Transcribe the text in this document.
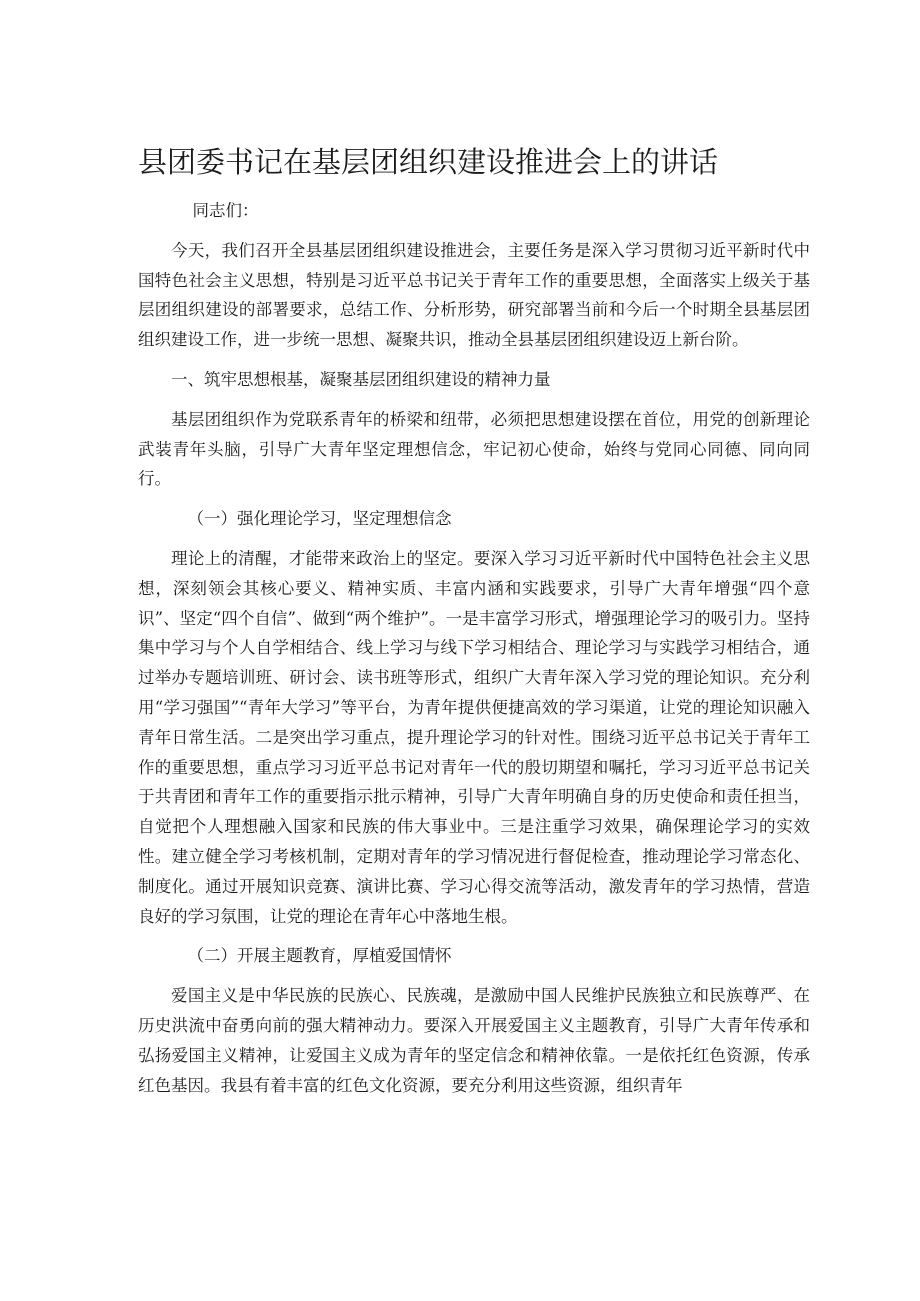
县团委书记在基层团组织建设推进会上的讲话

同志们：

今天，我们召开全县基层团组织建设推进会，主要任务是深入学习贯彻习近平新时代中国特色社会主义思想，特别是习近平总书记关于青年工作的重要思想，全面落实上级关于基层团组织建设的部署要求，总结工作、分析形势，研究部署当前和今后一个时期全县基层团组织建设工作，进一步统一思想、凝聚共识，推动全县基层团组织建设迈上新台阶。

一、筑牢思想根基，凝聚基层团组织建设的精神力量

基层团组织作为党联系青年的桥梁和纽带，必须把思想建设摆在首位，用党的创新理论武装青年头脑，引导广大青年坚定理想信念，牢记初心使命，始终与党同心同德、同向同行。

（一）强化理论学习，坚定理想信念

理论上的清醒，才能带来政治上的坚定。要深入学习习近平新时代中国特色社会主义思想，深刻领会其核心要义、精神实质、丰富内涵和实践要求，引导广大青年增强“四个意识”、坚定“四个自信”、做到“两个维护”。一是丰富学习形式，增强理论学习的吸引力。坚持集中学习与个人自学相结合、线上学习与线下学习相结合、理论学习与实践学习相结合，通过举办专题培训班、研讨会、读书班等形式，组织广大青年深入学习党的理论知识。充分利用“学习强国”“青年大学习”等平台，为青年提供便捷高效的学习渠道，让党的理论知识融入青年日常生活。二是突出学习重点，提升理论学习的针对性。围绕习近平总书记关于青年工作的重要思想，重点学习习近平总书记对青年一代的殷切期望和嘱托，学习习近平总书记关于共青团和青年工作的重要指示批示精神，引导广大青年明确自身的历史使命和责任担当，自觉把个人理想融入国家和民族的伟大事业中。三是注重学习效果，确保理论学习的实效性。建立健全学习考核机制，定期对青年的学习情况进行督促检查，推动理论学习常态化、制度化。通过开展知识竞赛、演讲比赛、学习心得交流等活动，激发青年的学习热情，营造良好的学习氛围，让党的理论在青年心中落地生根。

（二）开展主题教育，厚植爱国情怀

爱国主义是中华民族的民族心、民族魂，是激励中国人民维护民族独立和民族尊严、在历史洪流中奋勇向前的强大精神动力。要深入开展爱国主义主题教育，引导广大青年传承和弘扬爱国主义精神，让爱国主义成为青年的坚定信念和精神依靠。一是依托红色资源，传承红色基因。我县有着丰富的红色文化资源，要充分利用这些资源，组织青年
